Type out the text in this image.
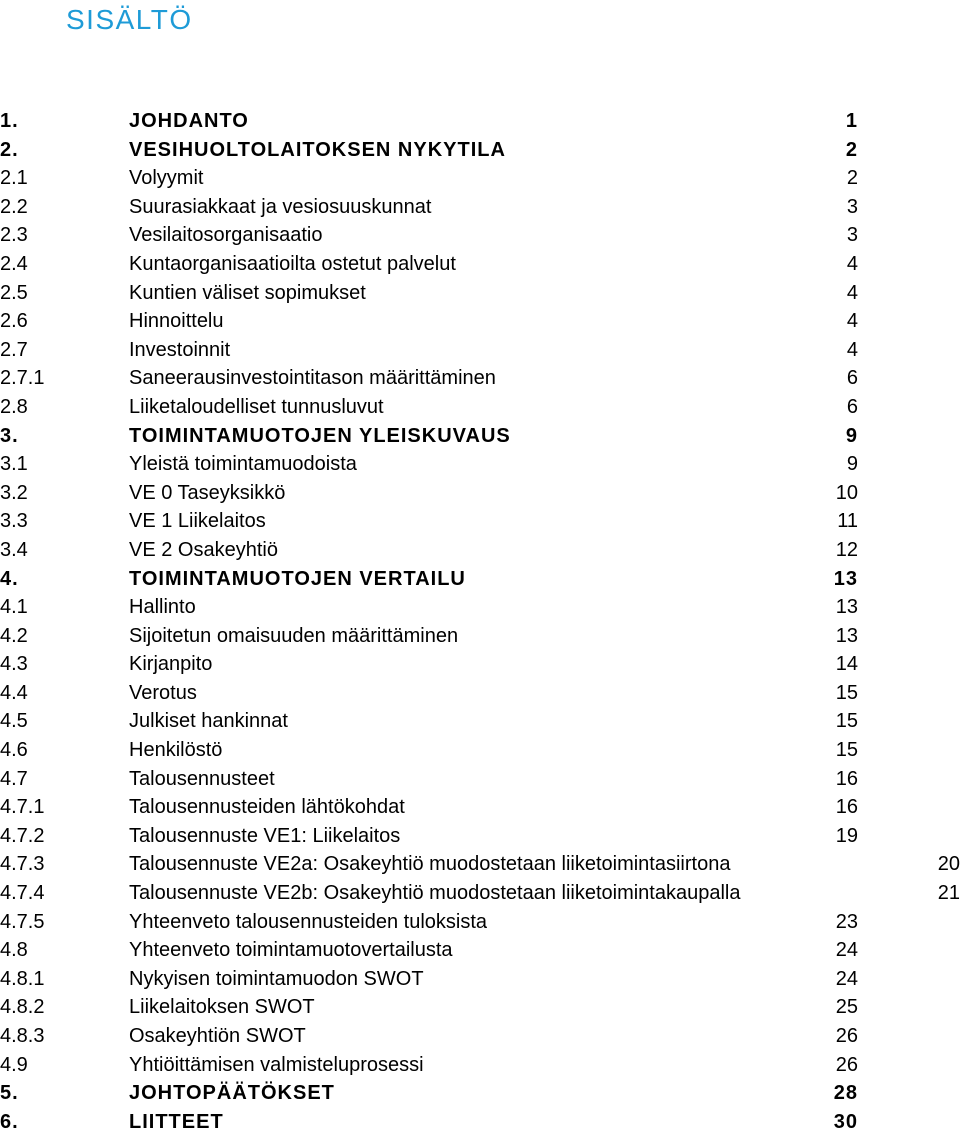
SISÄLTÖ
1.	JOHDANTO	1
2.	VESIHUOLTOLAITOKSEN NYKYTILA	2
2.1	Volyymit	2
2.2	Suurasiakkaat ja vesiosuuskunnat	3
2.3	Vesilaitosorganisaatio	3
2.4	Kuntaorganisaatioilta ostetut palvelut	4
2.5	Kuntien väliset sopimukset	4
2.6	Hinnoittelu	4
2.7	Investoinnit	4
2.7.1	Saneerausinvestointitason määrittäminen	6
2.8	Liiketaloudelliset tunnusluvut	6
3.	TOIMINTAMUOTOJEN YLEISKUVAUS	9
3.1	Yleistä toimintamuodoista	9
3.2	VE 0 Taseyksikkö	10
3.3	VE 1 Liikelaitos	11
3.4	VE 2 Osakeyhtiö	12
4.	TOIMINTAMUOTOJEN VERTAILU	13
4.1	Hallinto	13
4.2	Sijoitetun omaisuuden määrittäminen	13
4.3	Kirjanpito	14
4.4	Verotus	15
4.5	Julkiset hankinnat	15
4.6	Henkilöstö	15
4.7	Talousennusteet	16
4.7.1	Talousennusteiden lähtökohdat	16
4.7.2	Talousennuste VE1: Liikelaitos	19
4.7.3	Talousennuste VE2a: Osakeyhtiö muodostetaan liiketoimintasiirtona	20
4.7.4	Talousennuste VE2b: Osakeyhtiö muodostetaan liiketoimintakaupalla	21
4.7.5	Yhteenveto talousennusteiden tuloksista	23
4.8	Yhteenveto toimintamuotovertailusta	24
4.8.1	Nykyisen toimintamuodon SWOT	24
4.8.2	Liikelaitoksen SWOT	25
4.8.3	Osakeyhtiön SWOT	26
4.9	Yhtiöittämisen valmisteluprosessi	26
5.	JOHTOPÄÄTÖKSET	28
6.	LIITTEET	30
